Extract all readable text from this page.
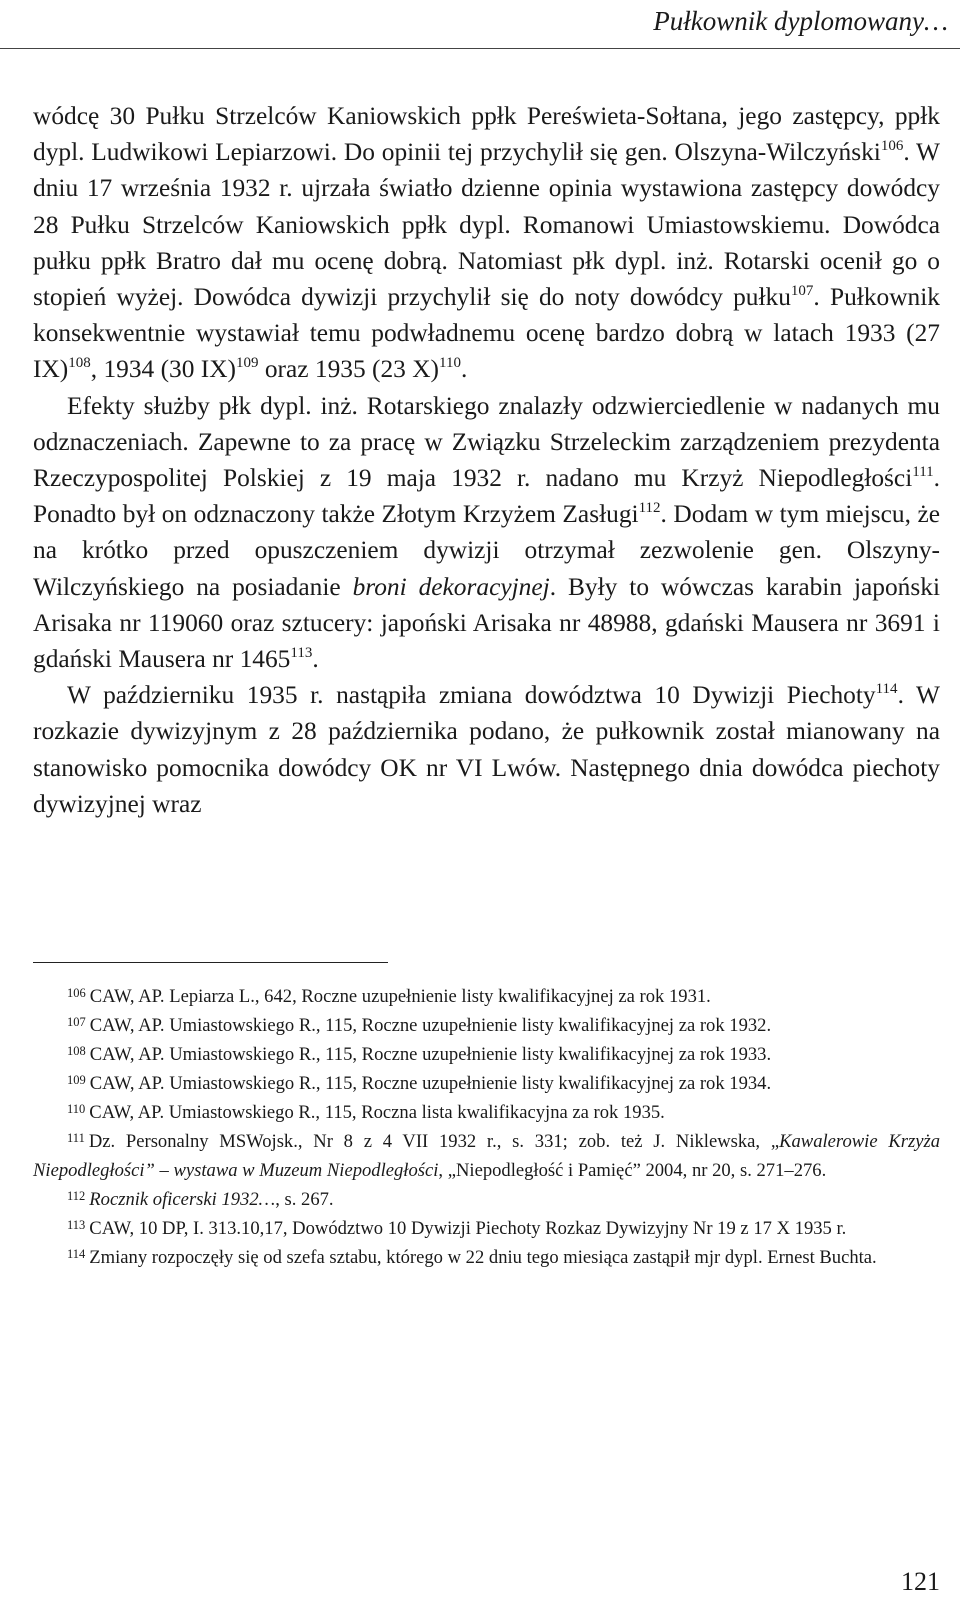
Pułkownik dyplomowany…

wódcę 30 Pułku Strzelców Kaniowskich ppłk Pereświeta-Sołtana, jego zastępcy, ppłk dypl. Ludwikowi Lepiarzowi. Do opinii tej przychylił się gen. Olszyna-Wilczyński$^{106}$. W dniu 17 września 1932 r. ujrzała światło dzienne opinia wystawiona zastępcy dowódcy 28 Pułku Strzelców Kaniowskich ppłk dypl. Romanowi Umiastowskiemu. Dowódca pułku ppłk Bratro dał mu ocenę dobrą. Natomiast płk dypl. inż. Rotarski ocenił go o stopień wyżej. Dowódca dywizji przychylił się do noty dowódcy pułku$^{107}$. Pułkownik konsekwentnie wystawiał temu podwładnemu ocenę bardzo dobrą w latach 1933 (27 IX)$^{108}$, 1934 (30 IX)$^{109}$ oraz 1935 (23 X)$^{110}$.

Efekty służby płk dypl. inż. Rotarskiego znalazły odzwierciedlenie w nadanych mu odznaczeniach. Zapewne to za pracę w Związku Strzeleckim zarządzeniem prezydenta Rzeczypospolitej Polskiej z 19 maja 1932 r. nadano mu Krzyż Niepodległości$^{111}$. Ponadto był on odznaczony także Złotym Krzyżem Zasługi$^{112}$. Dodam w tym miejscu, że na krótko przed opuszczeniem dywizji otrzymał zezwolenie gen. Olszyny-Wilczyńskiego na posiadanie broni dekoracyjnej. Były to wówczas karabin japoński Arisaka nr 119060 oraz sztucery: japoński Arisaka nr 48988, gdański Mausera nr 3691 i gdański Mausera nr 1465$^{113}$.

W październiku 1935 r. nastąpiła zmiana dowództwa 10 Dywizji Piechoty$^{114}$. W rozkazie dywizyjnym z 28 października podano, że pułkownik został mianowany na stanowisko pomocnika dowódcy OK nr VI Lwów. Następnego dnia dowódca piechoty dywizyjnej wraz

$^{106}$ CAW, AP. Lepiarza L., 642, Roczne uzupełnienie listy kwalifikacyjnej za rok 1931.

$^{107}$ CAW, AP. Umiastowskiego R., 115, Roczne uzupełnienie listy kwalifikacyjnej za rok 1932.

$^{108}$ CAW, AP. Umiastowskiego R., 115, Roczne uzupełnienie listy kwalifikacyjnej za rok 1933.

$^{109}$ CAW, AP. Umiastowskiego R., 115, Roczne uzupełnienie listy kwalifikacyjnej za rok 1934.

$^{110}$ CAW, AP. Umiastowskiego R., 115, Roczna lista kwalifikacyjna za rok 1935.

$^{111}$ Dz. Personalny MSWojsk., Nr 8 z 4 VII 1932 r., s. 331; zob. też J. Niklewska, „Kawalerowie Krzyża Niepodległości” – wystawa w Muzeum Niepodległości, „Niepodległość i Pamięć” 2004, nr 20, s. 271–276.

$^{112}$ Rocznik oficerski 1932…, s. 267.

$^{113}$ CAW, 10 DP, I. 313.10,17, Dowództwo 10 Dywizji Piechoty Rozkaz Dywizyjny Nr 19 z 17 X 1935 r.

$^{114}$ Zmiany rozpoczęły się od szefa sztabu, którego w 22 dniu tego miesiąca zastąpił mjr dypl. Ernest Buchta.

121
